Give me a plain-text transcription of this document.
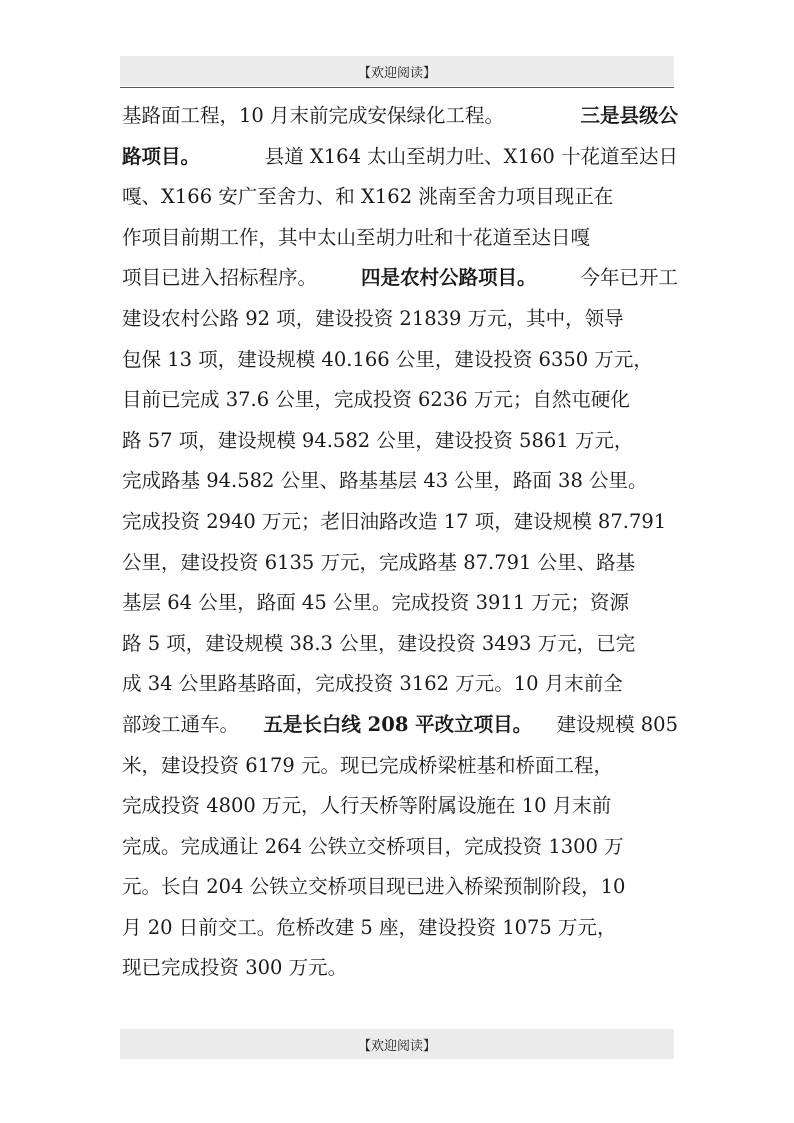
【欢迎阅读】
基路面工程，10 月末前完成安保绿化工程。	三是县级公
路项目。	县道 X164 太山至胡力吐、X160 十花道至达日
嘎、X166 安广至舍力、和 X162 洮南至舍力项目现正在
作项目前期工作，其中太山至胡力吐和十花道至达日嘎
项目已进入招标程序。 四是农村公路项目。 今年已开工
建设农村公路 92 项，建设投资 21839 万元，其中，领导
包保 13 项，建设规模 40.166 公里，建设投资 6350 万元，
目前已完成 37.6 公里，完成投资 6236 万元；自然屯硬化
路 57 项，建设规模 94.582 公里，建设投资 5861 万元，
完成路基 94.582 公里、路基基层 43 公里，路面 38 公里。
完成投资 2940 万元；老旧油路改造 17 项，建设规模 87.791
公里，建设投资 6135 万元，完成路基 87.791 公里、路基
基层 64 公里，路面 45 公里。完成投资 3911 万元；资源
路 5 项，建设规模 38.3 公里，建设投资 3493 万元，已完
成 34 公里路基路面，完成投资 3162 万元。10 月末前全
部竣工通车。 五是长白线 208 平改立项目。 建设规模 805
米，建设投资 6179 元。现已完成桥梁桩基和桥面工程，
完成投资 4800 万元，人行天桥等附属设施在 10 月末前
完成。完成通让 264 公铁立交桥项目，完成投资 1300 万
元。长白 204 公铁立交桥项目现已进入桥梁预制阶段，10
月 20 日前交工。危桥改建 5 座，建设投资 1075 万元，
现已完成投资 300 万元。
【欢迎阅读】
